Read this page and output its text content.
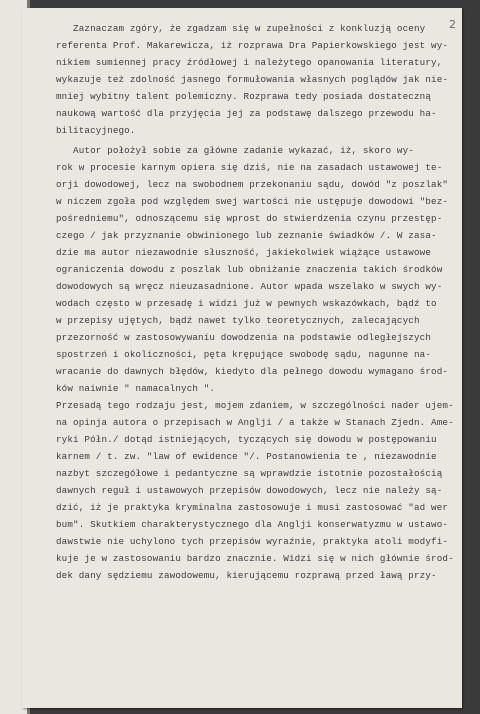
2
Zaznaczam zgóry, że zgadzam się w zupełności z konkluzją oceny
referenta Prof. Makarewicza, iż rozprawa Dra Papierkowskiego jest wy-
nikiem sumiennej pracy źródłowej i należytego opanowania literatury,
wykazuje też zdolność jasnego formułowania własnych poglądów jak nie-
mniej wybitny talent polemiczny. Rozprawa tedy posiada dostateczną
naukową wartość dla przyjęcia jej za podstawę dalszego przewodu ha-
bilitacyjnego.
Autor położył sobie za główne zadanie wykazać, iż, skoro wy-
rok w procesie karnym opiera się dziś, nie na zasadach ustawowej te-
orji dowodowej, lecz na swobodnem przekonaniu sądu, dowód "z poszlak"
w niczem zgoła pod względem swej wartości nie ustępuje dowodowi "bez-
pośredniemu", odnoszącemu się wprost do stwierdzenia czynu przestęp-
czego / jak przyznanie obwinionego lub zeznanie świadków /. W zasa-
dzie ma autor niezawodnie słuszność, jakiekolwiek wiążące ustawowe
ograniczenia dowodu z poszlak lub obniżanie znaczenia takich środków
dowodowych są wręcz nieuzasadnione. Autor wpada wszelako w swych wy-
wodach często w przesadę i widzi już w pewnych wskazówkach, bądź to
w przepisy ujętych, bądź nawet tylko teoretycznych, zalecających
przezorność w zastosowywaniu dowodzenia na podstawie odległejszych
spostrzeń i okoliczności, pęta krępujące swobodę sądu, nagunne na-
wracanie do dawnych błędów, kiedyto dla pełnego dowodu wymagano środ-
ków naiwnie " namacalnych ".
Przesadą tego rodzaju jest, mojem zdaniem, w szczególności nader ujem-
na opinja autora o przepisach w Anglji / a także w Stanach Zjedn. Ame-
ryki Półn./ dotąd istniejących, tyczących się dowodu w postępowaniu
karnem / t. zw. "law of ewidence "/. Postanowienia te , niezawodnie
nazbyt szczegółowe i pedantyczne są wprawdzie istotnie pozostałością
dawnych reguł i ustawowych przepisów dowodowych, lecz nie należy są-
dzić, iż je praktyka kryminalna zastosowuje i musi zastosować "ad wer
bum". Skutkiem charakterystycznego dla Anglji konserwatyzmu w ustawo-
dawstwie nie uchylono tych przepisów wyraźnie, praktyka atoli modyfi-
kuje je w zastosowaniu bardzo znacznie. Widzi się w nich głównie środ-
dek dany sędziemu zawodowemu, kierującemu rozprawą przed ławą przy-
